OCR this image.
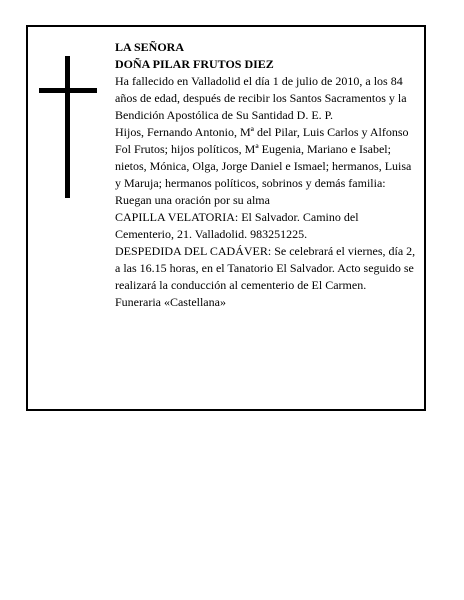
LA SEÑORA

DOÑA PILAR FRUTOS DIEZ

Ha fallecido en Valladolid el día 1 de julio de 2010, a los 84 años de edad, después de recibir los Santos Sacramentos y la Bendición Apostólica de Su Santidad D. E. P.

Hijos, Fernando Antonio, Mª del Pilar, Luis Carlos y Alfonso Fol Frutos; hijos políticos, Mª Eugenia, Mariano e Isabel; nietos, Mónica, Olga, Jorge Daniel e Ismael; hermanos, Luisa y Maruja; hermanos políticos, sobrinos y demás familia:

Ruegan una oración por su alma

CAPILLA VELATORIA: El Salvador. Camino del Cementerio, 21. Valladolid. 983251225.

DESPEDIDA DEL CADÁVER: Se celebrará el viernes, día 2, a las 16.15 horas, en el Tanatorio El Salvador. Acto seguido se realizará la conducción al cementerio de El Carmen.

Funeraria «Castellana»
